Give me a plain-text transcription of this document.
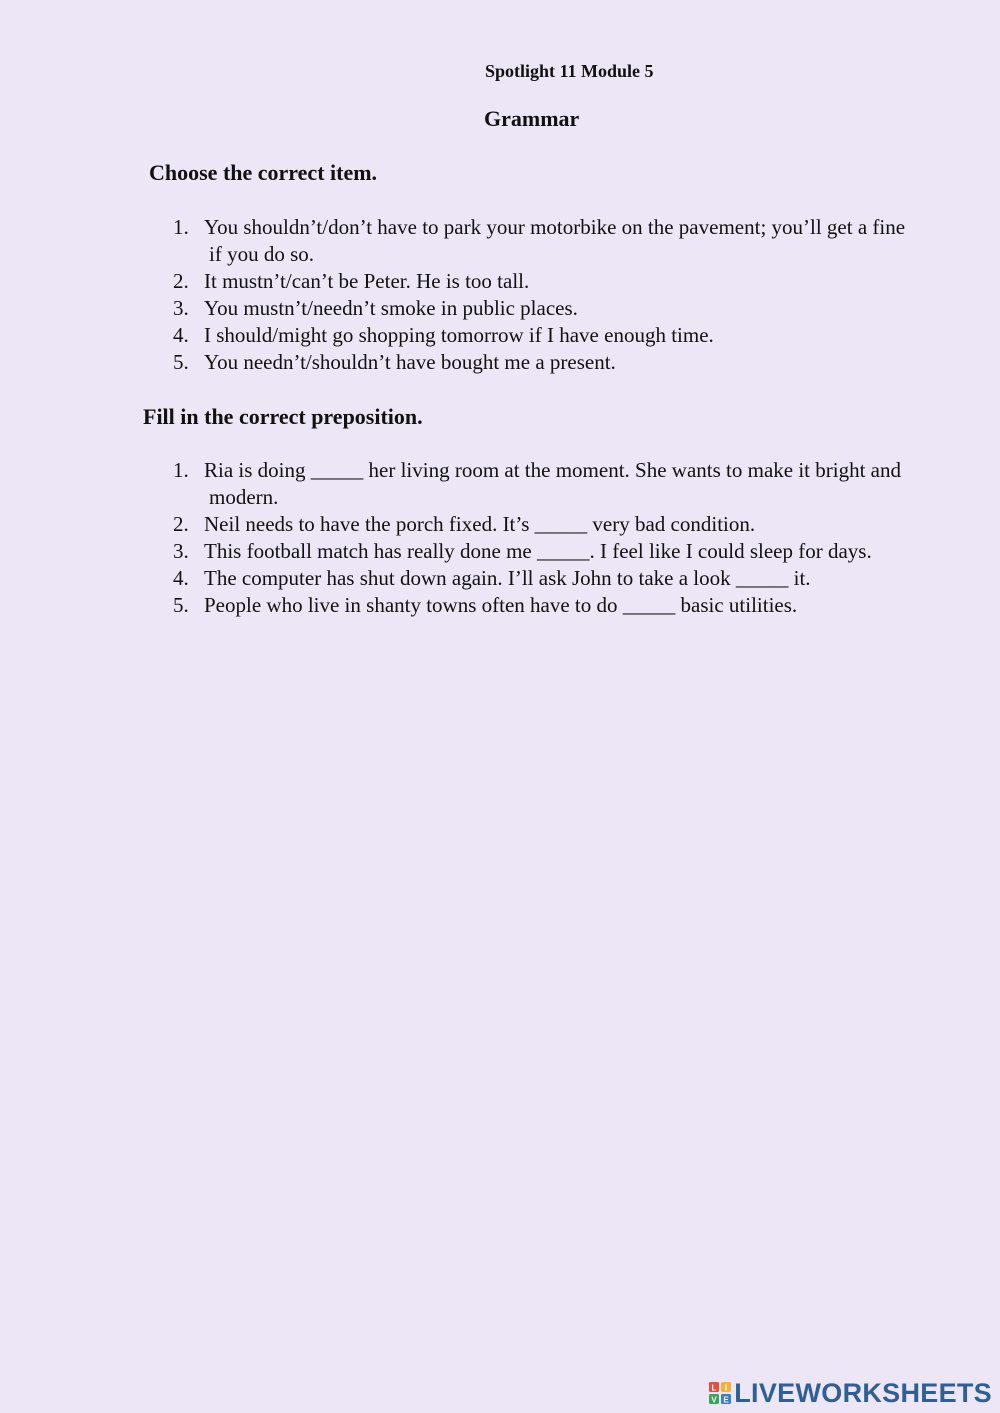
Spotlight 11 Module 5
Grammar
Choose the correct item.
1. You shouldn’t/don’t have to park your motorbike on the pavement; you’ll get a fine if you do so.
2. It mustn’t/can’t be Peter. He is too tall.
3. You mustn’t/needn’t smoke in public places.
4. I should/might go shopping tomorrow if I have enough time.
5. You needn’t/shouldn’t have bought me a present.
Fill in the correct preposition.
1. Ria is doing _____ her living room at the moment. She wants to make it bright and modern.
2. Neil needs to have the porch fixed. It’s _____ very bad condition.
3. This football match has really done me _____. I feel like I could sleep for days.
4. The computer has shut down again. I’ll ask John to take a look _____ it.
5. People who live in shanty towns often have to do _____ basic utilities.
L I
V E LIVEWORKSHEETS
